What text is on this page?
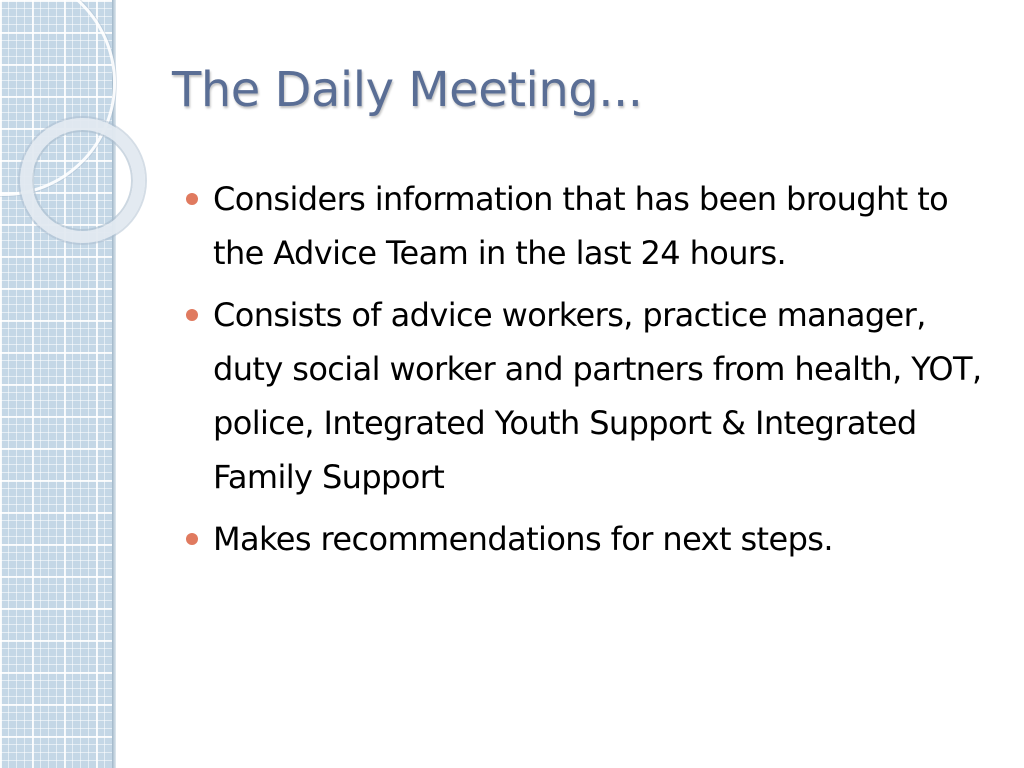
The Daily Meeting...
Considers information that has been brought to the Advice Team in the last 24 hours.
Consists of advice workers, practice manager, duty social worker and partners from health, YOT, police, Integrated Youth Support & Integrated Family Support
Makes recommendations for next steps.
